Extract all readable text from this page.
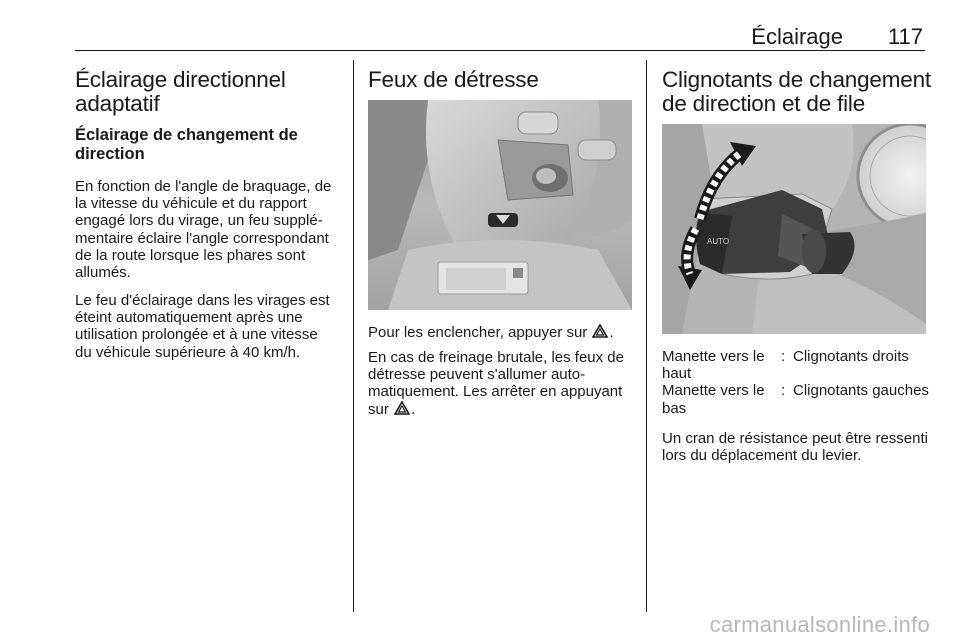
Éclairage 117
Éclairage directionnel adaptatif
Éclairage de changement de direction

En fonction de l'angle de braquage, de la vitesse du véhicule et du rapport engagé lors du virage, un feu supplémentaire éclaire l'angle correspondant de la route lorsque les phares sont allumés.

Le feu d'éclairage dans les virages est éteint automatiquement après une utilisation prolongée et à une vitesse du véhicule supérieure à 40 km/h.

Feux de détresse

Pour les enclencher, appuyer sur .

En cas de freinage brutale, les feux de détresse peuvent s'allumer automatiquement. Les arrêter en appuyant sur .

Clignotants de changement de direction et de file
AUTO
Manette vers le haut
: Clignotants droits
Manette vers le bas
: Clignotants gauches

Un cran de résistance peut être ressenti lors du déplacement du levier.

carmanualsonline.info
